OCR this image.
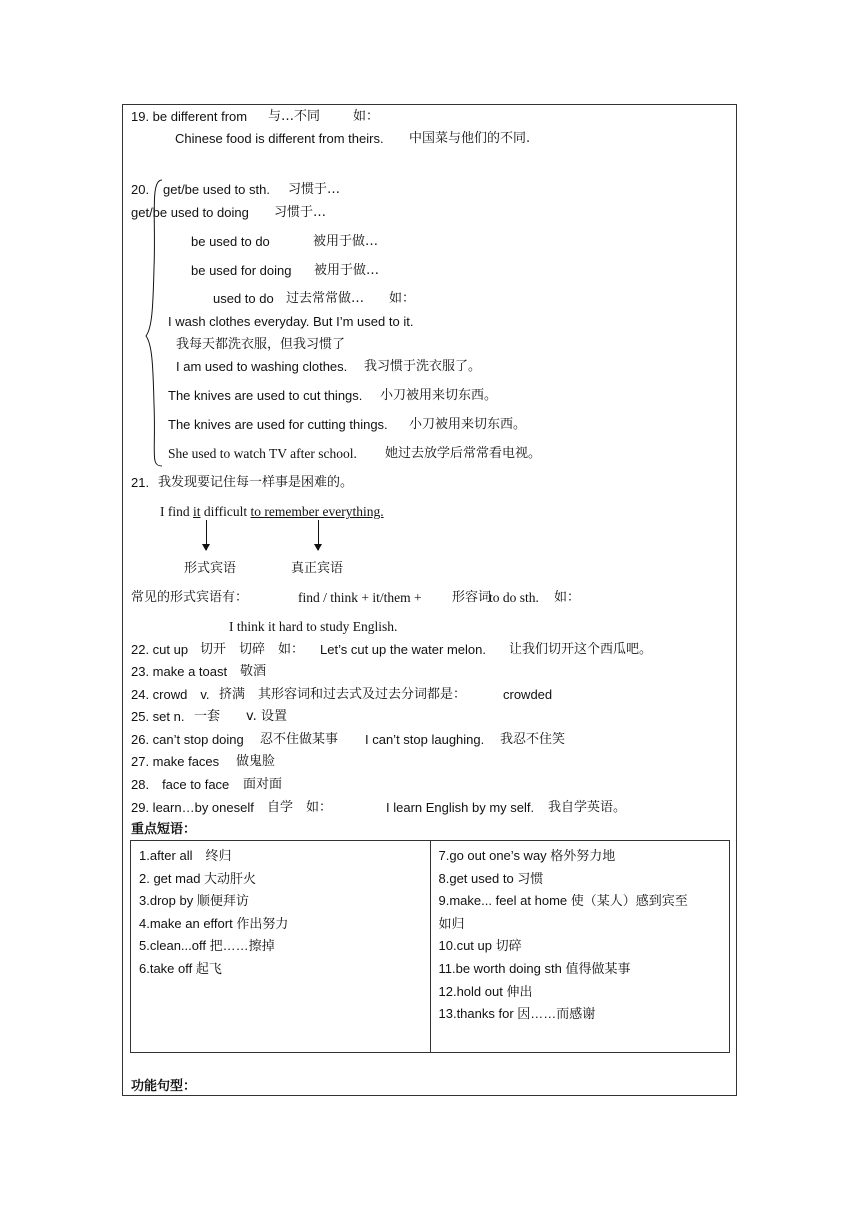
19. be different from 与…不同	如：
Chinese food is different from theirs. 中国菜与他们的不同.
20. get/be used to sth. 习惯于…
get/be used to doing 习惯于…
be used to do	被用于做…
be used for doing 被用于做…
used to do 过去常常做… 如：
I wash clothes everyday. But I’m used to it.
我每天都洗衣服，但我习惯了
I am used to washing clothes. 我习惯于洗衣服了。
The knives are used to cut things. 小刀被用来切东西。
The knives are used for cutting things. 小刀被用来切东西。
She used to watch TV after school. 她过去放学后常常看电视。
21. 我发现要记住每一样事是困难的。
I find it difficult to remember everything.
形式宾语	真正宾语
常见的形式宾语有：	find / think + it/them + 形容词
to do sth. 如：
I think it hard to study English.
22. cut up 切开　切碎　如： Let’s cut up the water melon. 让我们切开这个西瓜吧。
23. make a toast 敬酒
24. crowd　v. 挤满　其形容词和过去式及过去分词都是：	crowded
25. set n. 一套　　v. 设置
26. can’t stop doing 忍不住做某事 I can’t stop laughing. 我忍不住笑
27. make faces 做鬼脸
28.　face to face 面对面
29. learn…by oneself 自学　如：	I learn English by my self. 我自学英语。
重点短语：
1.after all　终归
2. get mad 大动肝火
3.drop by 顺便拜访
4.make an effort 作出努力
5.clean...off 把……擦掉
6.take off 起飞

7.go out one’s way 格外努力地
8.get used to 习惯
9.make... feel at home 使（某人）感到宾至
如归
10.cut up 切碎
11.be worth doing sth 值得做某事
12.hold out 伸出
13.thanks for 因……而感谢
功能句型：
